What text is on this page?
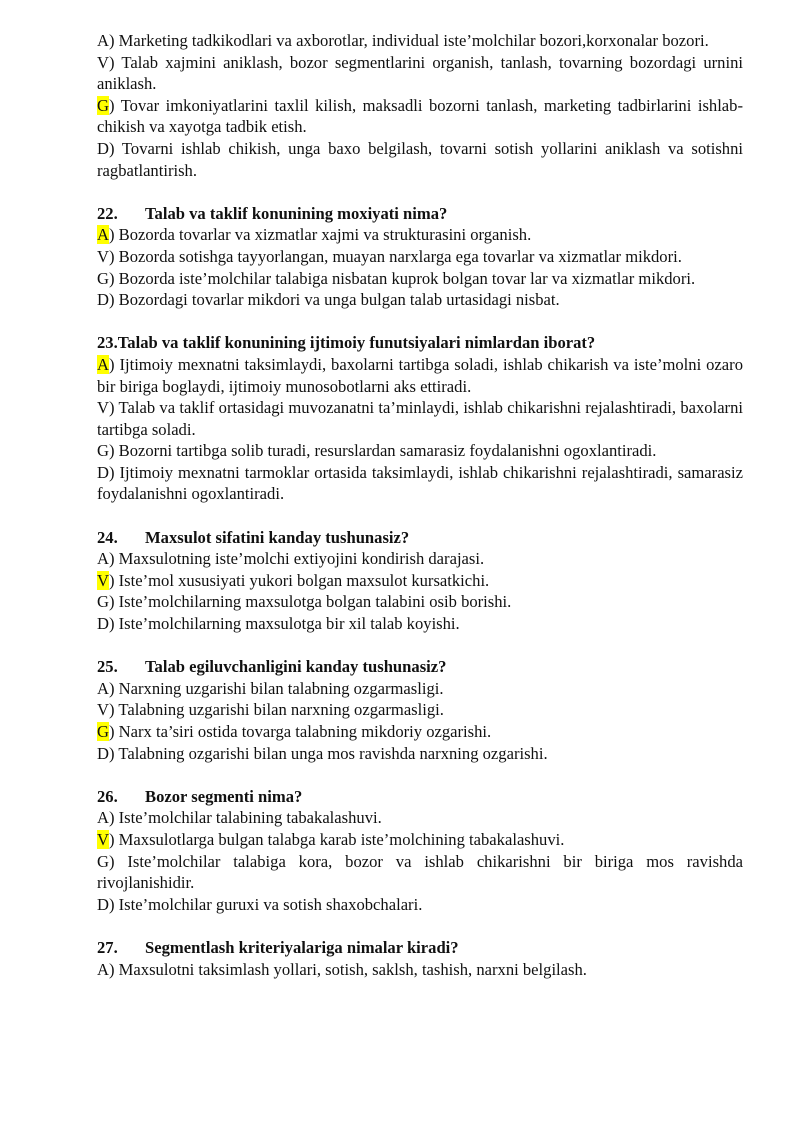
A) Marketing tadkikodlari va axborotlar, individual iste’molchilar bozori,korxonalar bozori.

V) Talab xajmini aniklash, bozor segmentlarini organish, tanlash, tovarning bozordagi urnini aniklash.

G) Tovar imkoniyatlarini taxlil kilish, maksadli bozorni tanlash, marketing tadbirlarini ishlab-chikish va xayotga tadbik etish.

D) Tovarni ishlab chikish, unga baxo belgilash, tovarni sotish yollarini aniklash va sotishni ragbatlantirish.

22. Talab va taklif konunining moxiyati nima?

A) Bozorda tovarlar va xizmatlar xajmi va strukturasini organish.

V) Bozorda sotishga tayyorlangan, muayan narxlarga ega tovarlar va xizmatlar mikdori.

G) Bozorda iste’molchilar talabiga nisbatan kuprok bolgan tovar lar va xizmatlar mikdori.

D) Bozordagi tovarlar mikdori va unga bulgan talab urtasidagi nisbat.

23.Talab va taklif konunining ijtimoiy funutsiyalari nimlardan iborat?

A) Ijtimoiy mexnatni taksimlaydi, baxolarni tartibga soladi, ishlab chikarish va iste’molni ozaro bir biriga boglaydi, ijtimoiy munosobotlarni aks ettiradi.

V) Talab va taklif ortasidagi muvozanatni ta’minlaydi, ishlab chikarishni rejalashtiradi, baxolarni tartibga soladi.

G) Bozorni tartibga solib turadi, resurslardan samarasiz foydalanishni ogoxlantiradi.

D) Ijtimoiy mexnatni tarmoklar ortasida taksimlaydi, ishlab chikarishni rejalashtiradi, samarasiz foydalanishni ogoxlantiradi.

24. Maxsulot sifatini kanday tushunasiz?

A) Maxsulotning iste’molchi extiyojini kondirish darajasi.

V) Iste’mol xususiyati yukori bolgan maxsulot kursatkichi.

G) Iste’molchilarning maxsulotga bolgan talabini osib borishi.

D) Iste’molchilarning maxsulotga bir xil talab koyishi.

25. Talab egiluvchanligini kanday tushunasiz?

A) Narxning uzgarishi bilan talabning ozgarmasligi.

V) Talabning uzgarishi bilan narxning ozgarmasligi.

G) Narx ta’siri ostida tovarga talabning mikdoriy ozgarishi.

D) Talabning ozgarishi bilan unga mos ravishda narxning ozgarishi.

26. Bozor segmenti nima?

A) Iste’molchilar talabining tabakalashuvi.

V) Maxsulotlarga bulgan talabga karab iste’molchining tabakalashuvi.

G) Iste’molchilar talabiga kora, bozor va ishlab chikarishni bir biriga mos ravishda rivojlanishidir.

D) Iste’molchilar guruxi va sotish shaxobchalari.

27. Segmentlash kriteriyalariga nimalar kiradi?

A) Maxsulotni taksimlash yollari, sotish, saklsh, tashish, narxni belgilash.
